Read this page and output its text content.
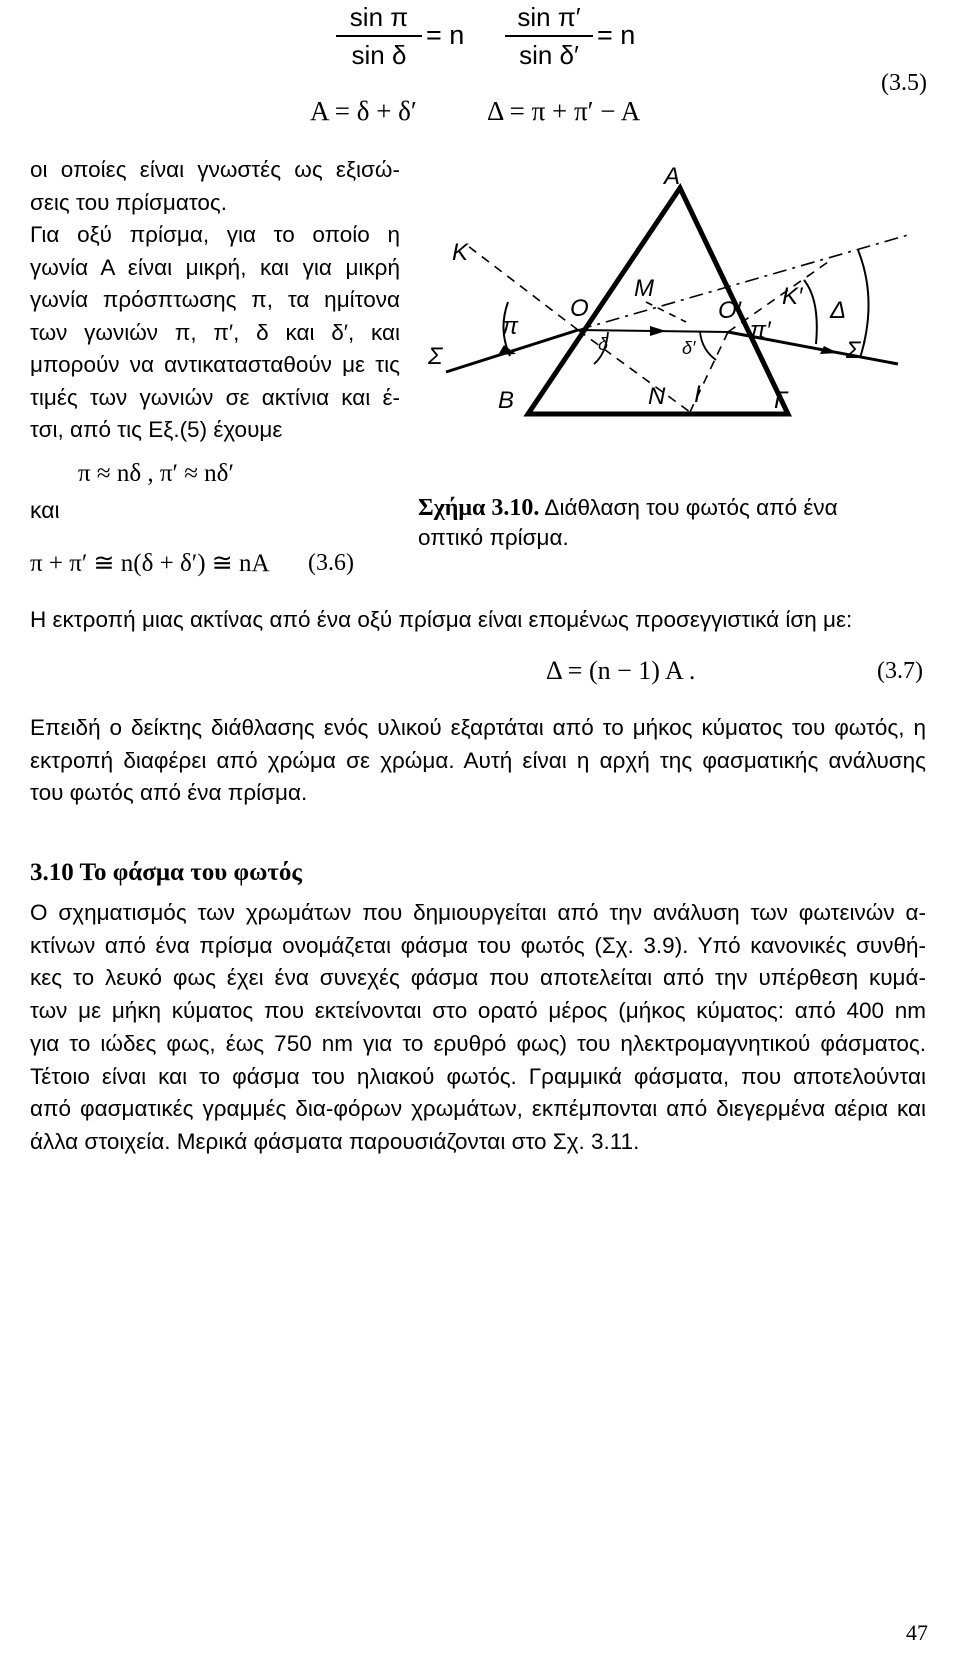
sin π
sin δ
= n
sin π′
sin δ′
= n
Α = δ + δ′	Δ = π + π′ − Α
(3.5)
οι οποίες είναι γνωστές ως εξισώ-
σεις του πρίσματος.
Για οξύ πρίσμα, για το οποίο η
γωνία Α είναι μικρή, και για μικρή
γωνία πρόσπτωσης π, τα ημίτονα
των γωνιών π, π′, δ και δ′, και
μπορούν να αντικατασταθούν με τις
τιμές των γωνιών σε ακτίνια και έ-
τσι, από τις Εξ.(5) έχουμε
π ≈ nδ , π′ ≈ nδ′
και
π + π′ ≅ n(δ + δ′) ≅ nΑ (3.6)
A
K
π
O
M
O′
K′
Δ
π′
Σ	Σ′
δ	δ′
B	N I	Γ
Σχήμα 3.10. Διάθλαση του φωτός από ένα
οπτικό πρίσμα.
Η εκτροπή μιας ακτίνας από ένα οξύ πρίσμα είναι επομένως προσεγγιστικά ίση με:
Δ = (n − 1) Α .	(3.7)
Επειδή ο δείκτης διάθλασης ενός υλικού εξαρτάται από το μήκος κύματος του φωτός, η
εκτροπή διαφέρει από χρώμα σε χρώμα. Αυτή είναι η αρχή της φασματικής ανάλυσης
του φωτός από ένα πρίσμα.
3.10 Το φάσμα του φωτός
Ο σχηματισμός των χρωμάτων που δημιουργείται από την ανάλυση των φωτεινών α-
κτίνων από ένα πρίσμα ονομάζεται φάσμα του φωτός (Σχ. 3.9). Υπό κανονικές συνθή-
κες το λευκό φως έχει ένα συνεχές φάσμα που αποτελείται από την υπέρθεση κυμά-
των με μήκη κύματος που εκτείνονται στο ορατό μέρος (μήκος κύματος: από 400 nm
για το ιώδες φως, έως 750 nm για το ερυθρό φως) του ηλεκτρομαγνητικού φάσματος.
Τέτοιο είναι και το φάσμα του ηλιακού φωτός. Γραμμικά φάσματα, που αποτελούνται
από φασματικές γραμμές δια-φόρων χρωμάτων, εκπέμπονται από διεγερμένα αέρια και
άλλα στοιχεία. Μερικά φάσματα παρουσιάζονται στο Σχ. 3.11.
47
